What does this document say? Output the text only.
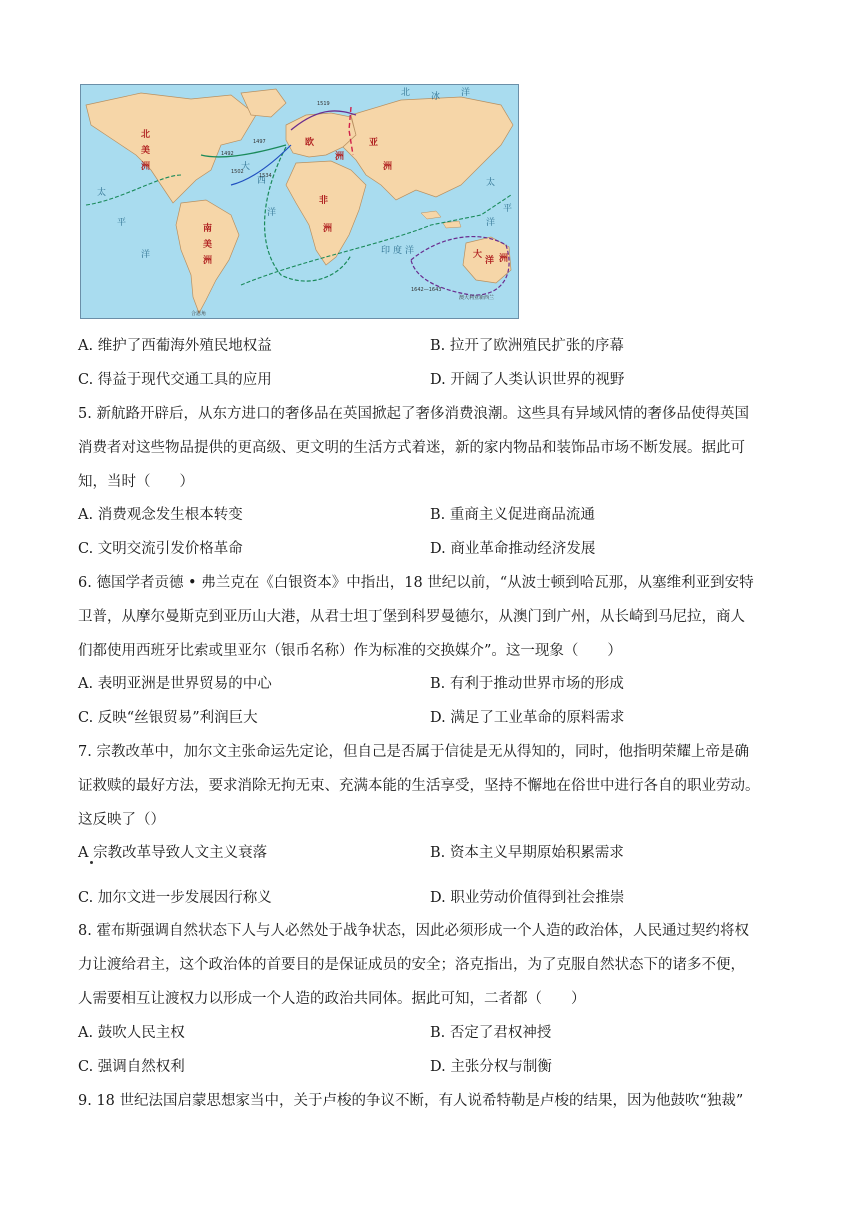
北
美
洲
南
美
洲
欧
洲
亚
洲
非
洲
大
洋 洲
大
西
洋
太
平
洋	印 度 洋
北 冰 洋
太
平
洋
1492
1497
1502
1534
1519
1642—1643
合恩角
澳大利亚新西兰
A. 维护了西葡海外殖民地权益	B. 拉开了欧洲殖民扩张的序幕
C. 得益于现代交通工具的应用	D. 开阔了人类认识世界的视野
5. 新航路开辟后，从东方进口的奢侈品在英国掀起了奢侈消费浪潮。这些具有异域风情的奢侈品使得英国
消费者对这些物品提供的更高级、更文明的生活方式着迷，新的家内物品和装饰品市场不断发展。据此可
知，当时（　　）
A. 消费观念发生根本转变	B. 重商主义促进商品流通
C. 文明交流引发价格革命	D. 商业革命推动经济发展
6. 德国学者贡德 • 弗兰克在《白银资本》中指出，18 世纪以前，“从波士顿到哈瓦那，从塞维利亚到安特
卫普，从摩尔曼斯克到亚历山大港，从君士坦丁堡到科罗曼德尔，从澳门到广州，从长崎到马尼拉，商人
们都使用西班牙比索或里亚尔（银币名称）作为标准的交换媒介”。这一现象（　　）
A. 表明亚洲是世界贸易的中心	B. 有利于推动世界市场的形成
C. 反映“丝银贸易”利润巨大	D. 满足了工业革命的原料需求
7. 宗教改革中，加尔文主张命运先定论，但自己是否属于信徒是无从得知的，同时，他指明荣耀上帝是确
证救赎的最好方法，要求消除无拘无束、充满本能的生活享受，坚持不懈地在俗世中进行各自的职业劳动。
这反映了（）
A 宗教改革导致人文主义衰落	B. 资本主义早期原始积累需求
C. 加尔文进一步发展因行称义	D. 职业劳动价值得到社会推崇
8. 霍布斯强调自然状态下人与人必然处于战争状态，因此必须形成一个人造的政治体，人民通过契约将权
力让渡给君主，这个政治体的首要目的是保证成员的安全；洛克指出，为了克服自然状态下的诸多不便，
人需要相互让渡权力以形成一个人造的政治共同体。据此可知，二者都（　　）
A. 鼓吹人民主权	B. 否定了君权神授
C. 强调自然权利	D. 主张分权与制衡
9. 18 世纪法国启蒙思想家当中，关于卢梭的争议不断，有人说希特勒是卢梭的结果，因为他鼓吹“独裁”
